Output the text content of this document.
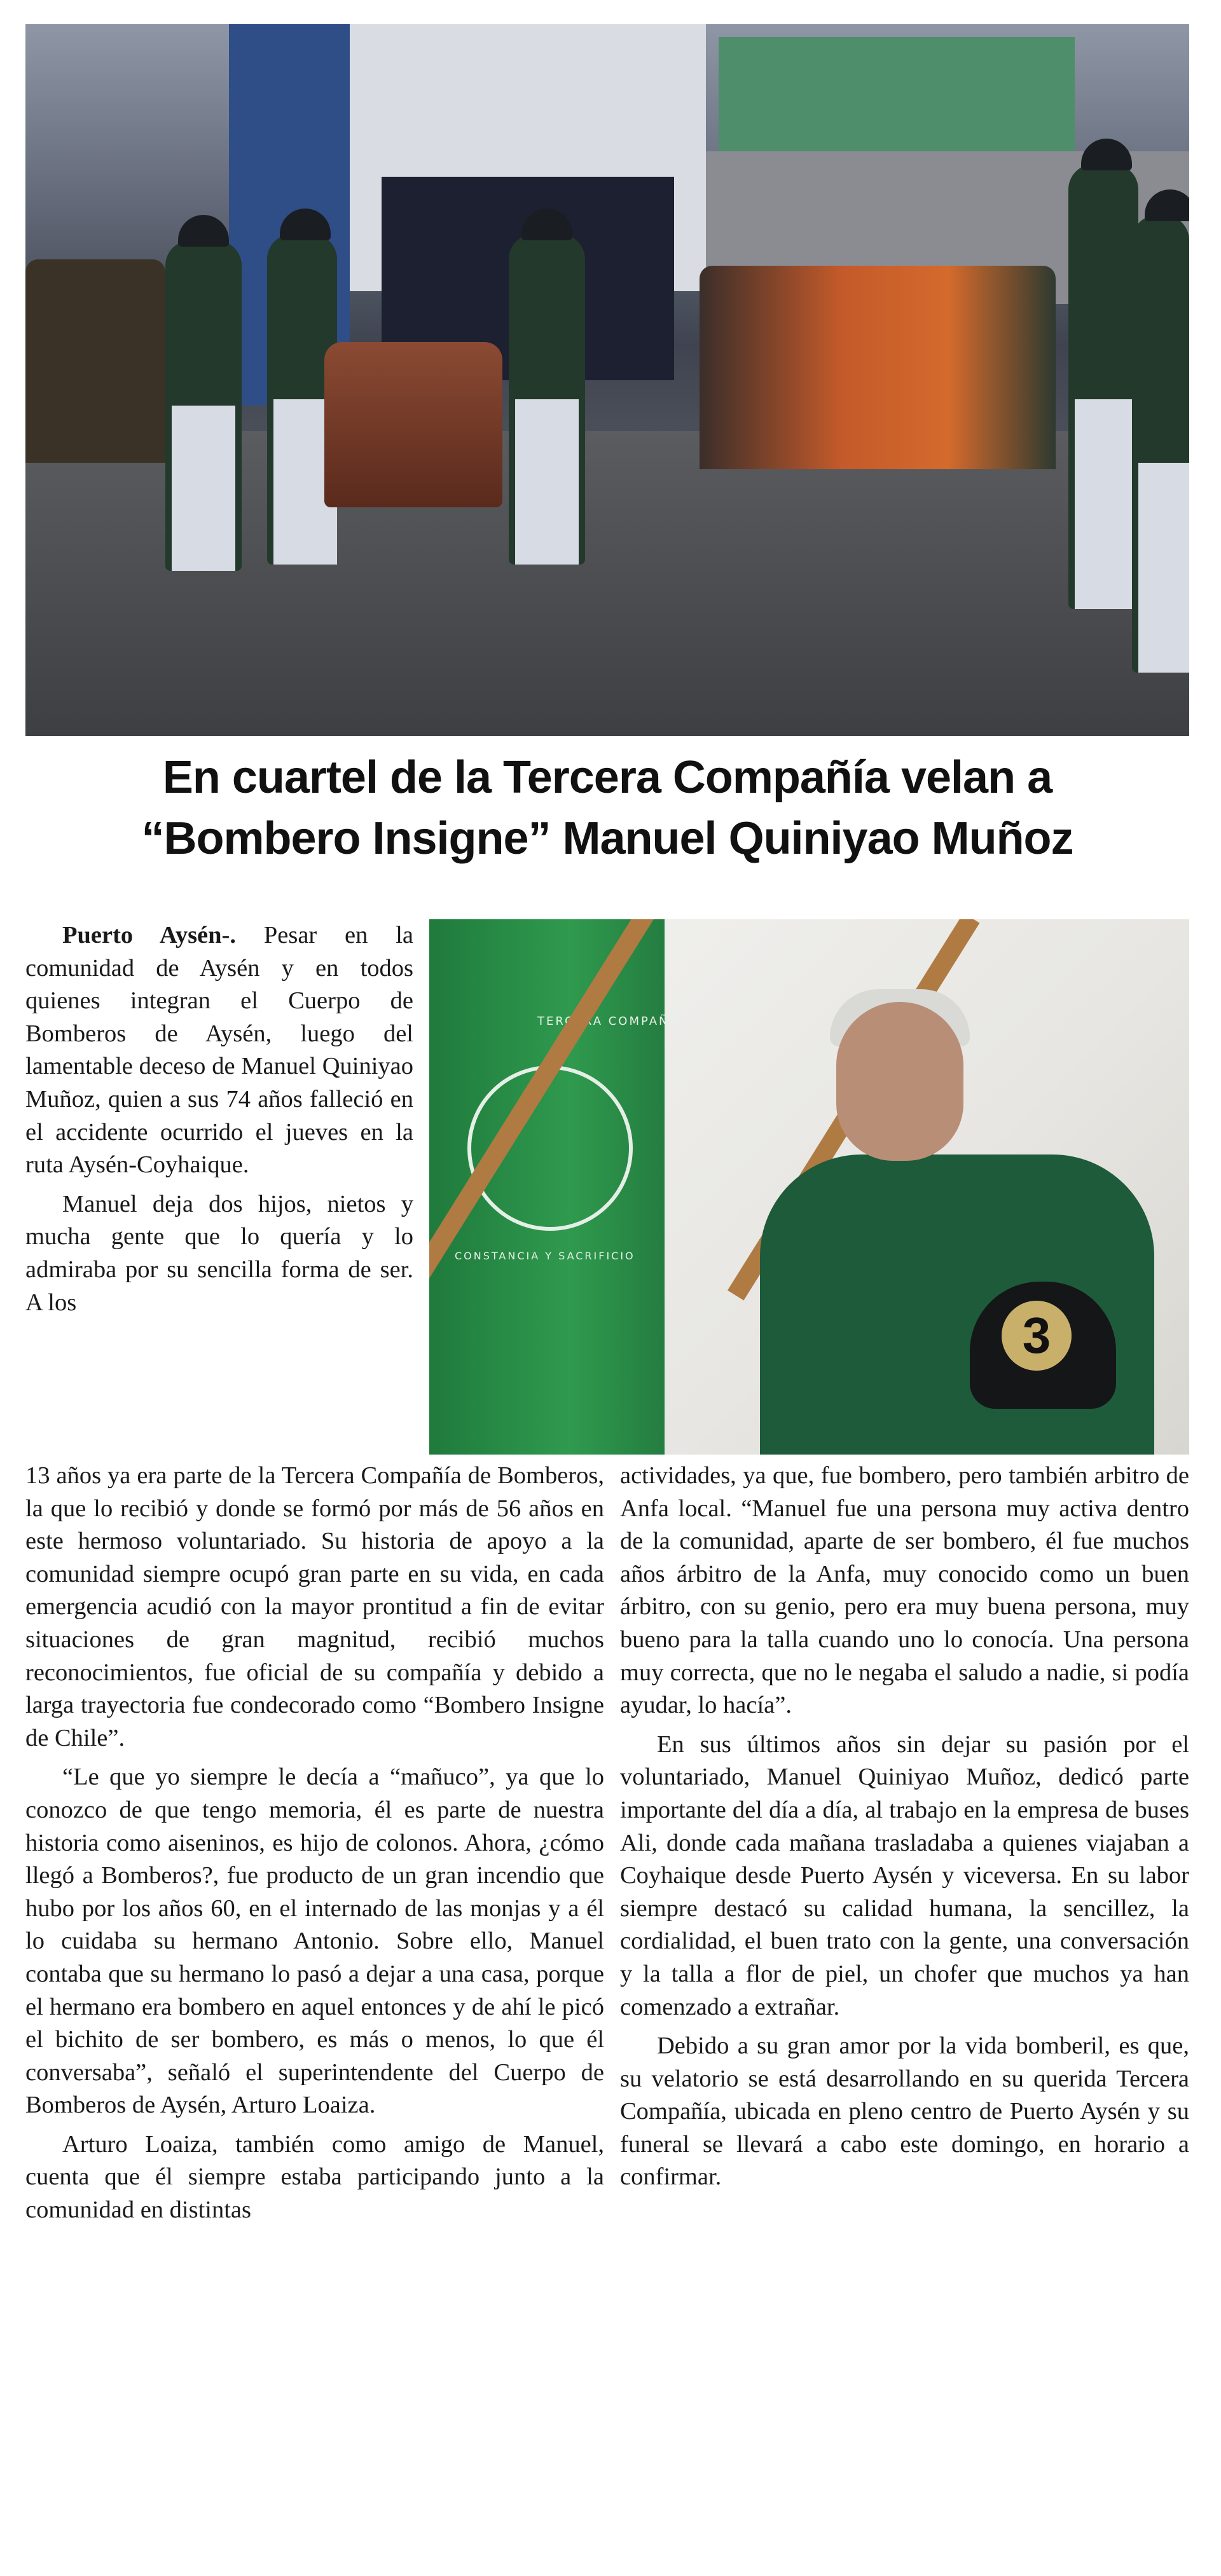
En cuartel de la Tercera Compañía velan a
“Bombero Insigne” Manuel Quiniyao Muñoz
TERCERA COMPAÑIA
CONSTANCIA Y SACRIFICIO
3

Puerto Aysén-. Pesar en la comunidad de Aysén y en todos quienes integran el Cuerpo de Bomberos de Aysén, luego del lamentable deceso de Manuel Quiniyao Muñoz, quien a sus 74 años falleció en el accidente ocurrido el jueves en la ruta Aysén-Coyhaique.

Manuel deja dos hijos, nietos y mucha gente que lo quería y lo admiraba por su sencilla forma de ser. A los

13 años ya era parte de la Tercera Compañía de Bomberos, la que lo recibió y donde se formó por más de 56 años en este hermoso voluntariado. Su historia de apoyo a la comunidad siempre ocupó gran parte en su vida, en cada emergencia acudió con la mayor prontitud a fin de evitar situaciones de gran magnitud, recibió muchos reconocimientos, fue oficial de su compañía y debido a larga trayectoria fue condecorado como “Bombero Insigne de Chile”.

“Le que yo siempre le decía a “mañuco”, ya que lo conozco de que tengo memoria, él es parte de nuestra historia como aiseninos, es hijo de colonos. Ahora, ¿cómo llegó a Bomberos?, fue producto de un gran incendio que hubo por los años 60, en el internado de las monjas y a él lo cuidaba su hermano Antonio. Sobre ello, Manuel contaba que su hermano lo pasó a dejar a una casa, porque el hermano era bombero en aquel entonces y de ahí le picó el bichito de ser bombero, es más o menos, lo que él conversaba”, señaló el superintendente del Cuerpo de Bomberos de Aysén, Arturo Loaiza.

Arturo Loaiza, también como amigo de Manuel, cuenta que él siempre estaba participando junto a la comunidad en distintas

actividades, ya que, fue bombero, pero también arbitro de Anfa local. “Manuel fue una persona muy activa dentro de la comunidad, aparte de ser bombero, él fue muchos años árbitro de la Anfa, muy conocido como un buen árbitro, con su genio, pero era muy buena persona, muy bueno para la talla cuando uno lo conocía. Una persona muy correcta, que no le negaba el saludo a nadie, si podía ayudar, lo hacía”.

En sus últimos años sin dejar su pasión por el voluntariado, Manuel Quiniyao Muñoz, dedicó parte importante del día a día, al trabajo en la empresa de buses Ali, donde cada mañana trasladaba a quienes viajaban a Coyhaique desde Puerto Aysén y viceversa. En su labor siempre destacó su calidad humana, la sencillez, la cordialidad, el buen trato con la gente, una conversación y la talla a flor de piel, un chofer que muchos ya han comenzado a extrañar.

Debido a su gran amor por la vida bomberil, es que, su velatorio se está desarrollando en su querida Tercera Compañía, ubicada en pleno centro de Puerto Aysén y su funeral se llevará a cabo este domingo, en horario a confirmar.
